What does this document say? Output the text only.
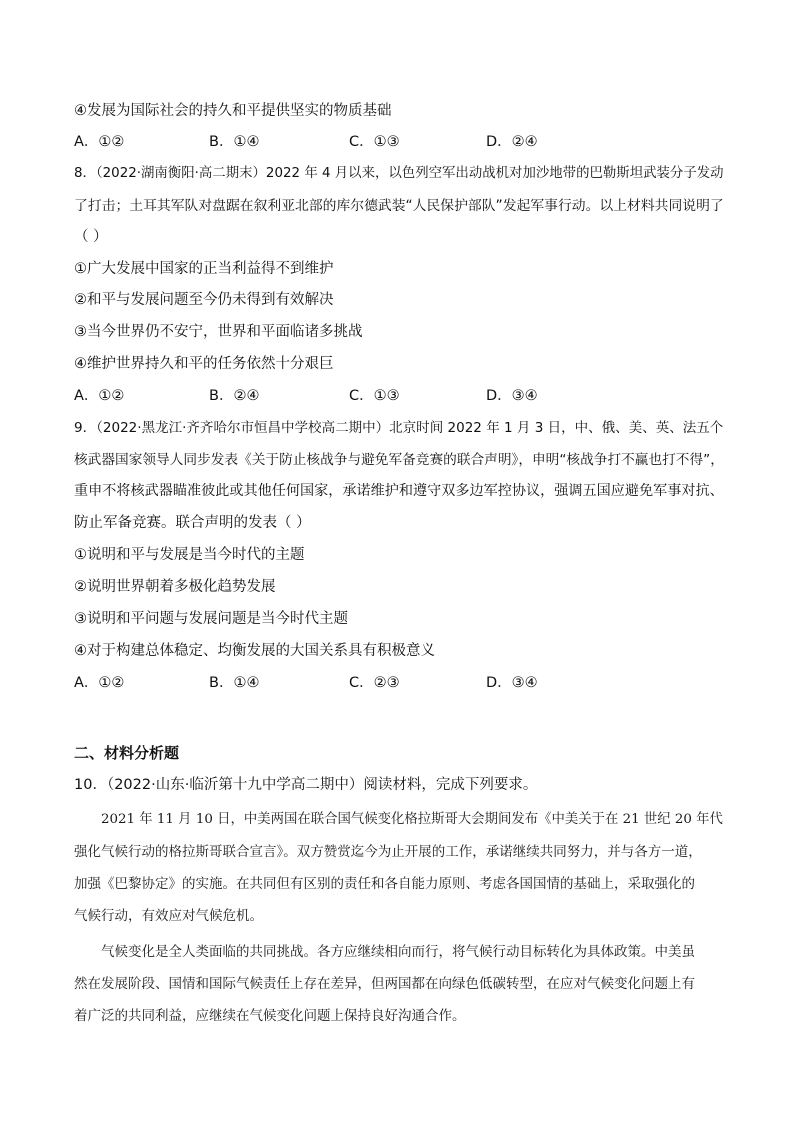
④发展为国际社会的持久和平提供坚实的物质基础
A．①②	B．①④	C．①③	D．②④
8．（2022·湖南衡阳·高二期末）2022 年 4 月以来，以色列空军出动战机对加沙地带的巴勒斯坦武装分子发动
了打击；土耳其军队对盘踞在叙利亚北部的库尔德武装“人民保护部队”发起军事行动。以上材料共同说明了
（ ）
①广大发展中国家的正当利益得不到维护
②和平与发展问题至今仍未得到有效解决
③当今世界仍不安宁，世界和平面临诸多挑战
④维护世界持久和平的任务依然十分艰巨
A．①②	B．②④	C．①③	D．③④
9．（2022·黑龙江·齐齐哈尔市恒昌中学校高二期中）北京时间 2022 年 1 月 3 日，中、俄、美、英、法五个
核武器国家领导人同步发表《关于防止核战争与避免军备竞赛的联合声明》，申明“核战争打不赢也打不得”，
重申不将核武器瞄准彼此或其他任何国家，承诺维护和遵守双多边军控协议，强调五国应避免军事对抗、
防止军备竞赛。联合声明的发表（ ）
①说明和平与发展是当今时代的主题
②说明世界朝着多极化趋势发展
③说明和平问题与发展问题是当今时代主题
④对于构建总体稳定、均衡发展的大国关系具有积极意义
A．①②	B．①④	C．②③	D．③④
二、材料分析题
10．（2022·山东·临沂第十九中学高二期中）阅读材料，完成下列要求。
2021 年 11 月 10 日，中美两国在联合国气候变化格拉斯哥大会期间发布《中美关于在 21 世纪 20 年代
强化气候行动的格拉斯哥联合宣言》。双方赞赏迄今为止开展的工作，承诺继续共同努力，并与各方一道，
加强《巴黎协定》的实施。在共同但有区别的责任和各自能力原则、考虑各国国情的基础上，采取强化的
气候行动，有效应对气候危机。
气候变化是全人类面临的共同挑战。各方应继续相向而行，将气候行动目标转化为具体政策。中美虽
然在发展阶段、国情和国际气候责任上存在差异，但两国都在向绿色低碳转型，在应对气候变化问题上有
着广泛的共同利益，应继续在气候变化问题上保持良好沟通合作。
